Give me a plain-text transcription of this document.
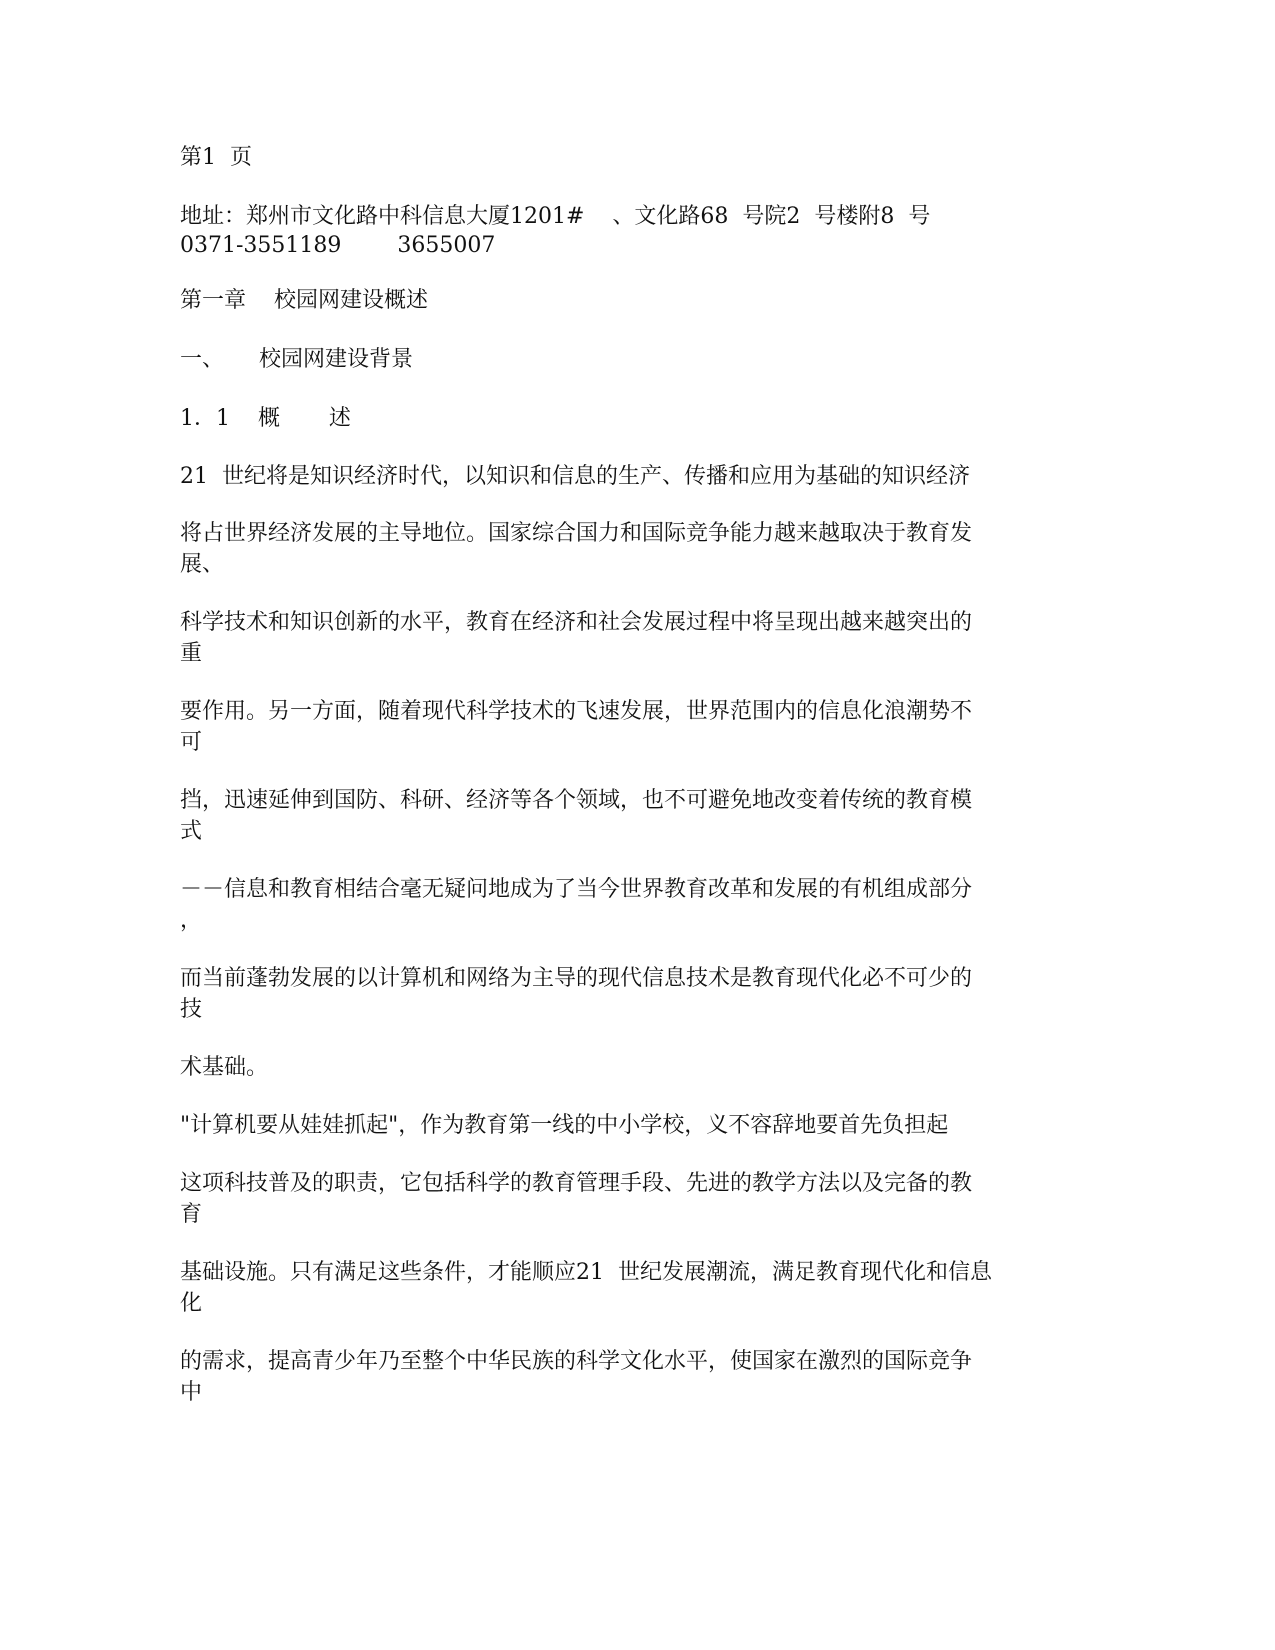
第1  页
地址：郑州市文化路中科信息大厦1201#    、文化路68  号院2  号楼附8  号
0371-3551189        3655007
第一章    校园网建设概述
一、     校园网建设背景
1．1    概       述
21  世纪将是知识经济时代，以知识和信息的生产、传播和应用为基础的知识经济
将占世界经济发展的主导地位。国家综合国力和国际竞争能力越来越取决于教育发
展、
科学技术和知识创新的水平，教育在经济和社会发展过程中将呈现出越来越突出的
重
要作用。另一方面，随着现代科学技术的飞速发展，世界范围内的信息化浪潮势不
可
挡，迅速延伸到国防、科研、经济等各个领域，也不可避免地改变着传统的教育模
式
－－信息和教育相结合毫无疑问地成为了当今世界教育改革和发展的有机组成部分
，
而当前蓬勃发展的以计算机和网络为主导的现代信息技术是教育现代化必不可少的
技
术基础。
"计算机要从娃娃抓起"，作为教育第一线的中小学校，义不容辞地要首先负担起
这项科技普及的职责，它包括科学的教育管理手段、先进的教学方法以及完备的教
育
基础设施。只有满足这些条件，才能顺应21  世纪发展潮流，满足教育现代化和信息
化
的需求，提高青少年乃至整个中华民族的科学文化水平，使国家在激烈的国际竞争
中
